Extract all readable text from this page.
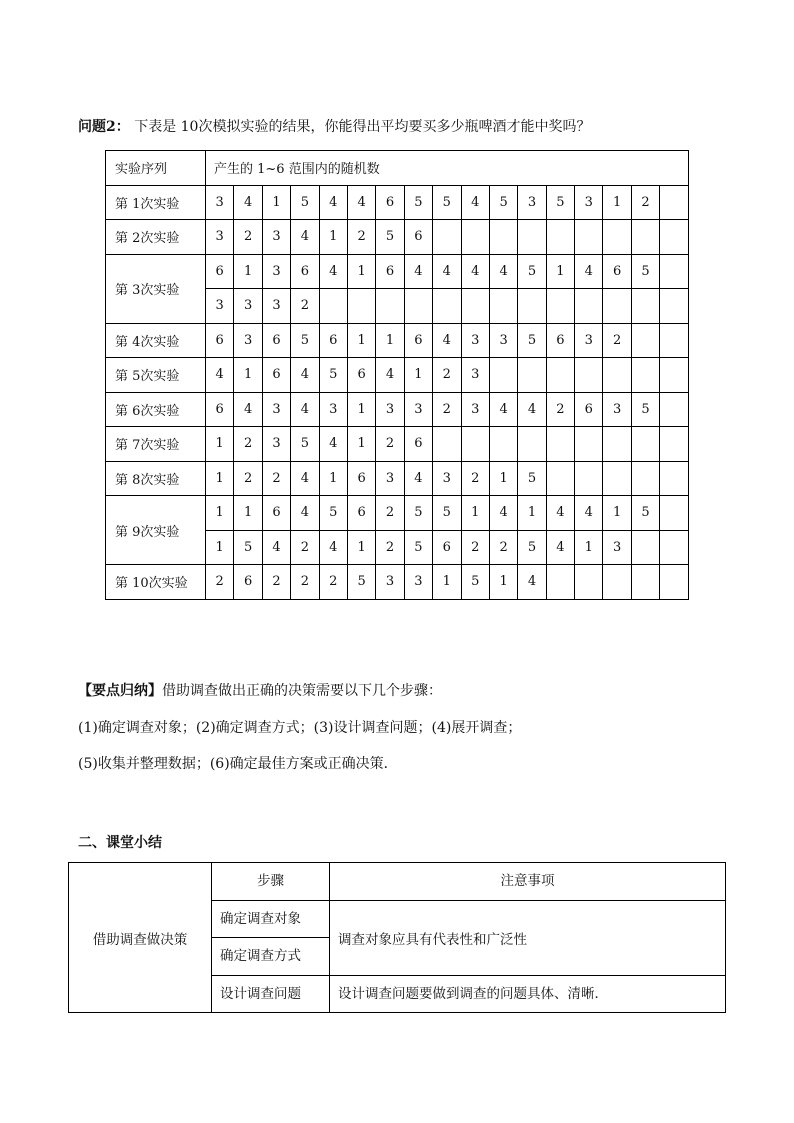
问题2： 下表是 10次模拟实验的结果，你能得出平均要买多少瓶啤酒才能中奖吗？
实验序列	产生的 1~6 范围内的随机数																
第 1次实验	3	4	1	5	4	4	6	5	5	4	5	3	5	3	1	2	
第 2次实验	3	2	3	4	1	2	5	6									
第 3次实验	6	1	3	6	4	1	6	4	4	4	4	5	1	4	6	5	
	3	3	3	2													
第 4次实验	6	3	6	5	6	1	1	6	4	3	3	5	6	3	2		
第 5次实验	4	1	6	4	5	6	4	1	2	3							
第 6次实验	6	4	3	4	3	1	3	3	2	3	4	4	2	6	3	5	
第 7次实验	1	2	3	5	4	1	2	6									
第 8次实验	1	2	2	4	1	6	3	4	3	2	1	5					
第 9次实验	1	1	6	4	5	6	2	5	5	1	4	1	4	4	1	5	
	1	5	4	2	4	1	2	5	6	2	2	5	4	1	3		
第 10次实验	2	6	2	2	2	5	3	3	1	5	1	4					
【要点归纳】借助调查做出正确的决策需要以下几个步骤：
(1)确定调查对象；(2)确定调查方式；(3)设计调查问题；(4)展开调查；
(5)收集并整理数据；(6)确定最佳方案或正确决策．
二、课堂小结
借助调查做决策	步骤	注意事项
	确定调查对象	调查对象应具有代表性和广泛性
	确定调查方式	
	设计调查问题	设计调查问题要做到调查的问题具体、清晰．
